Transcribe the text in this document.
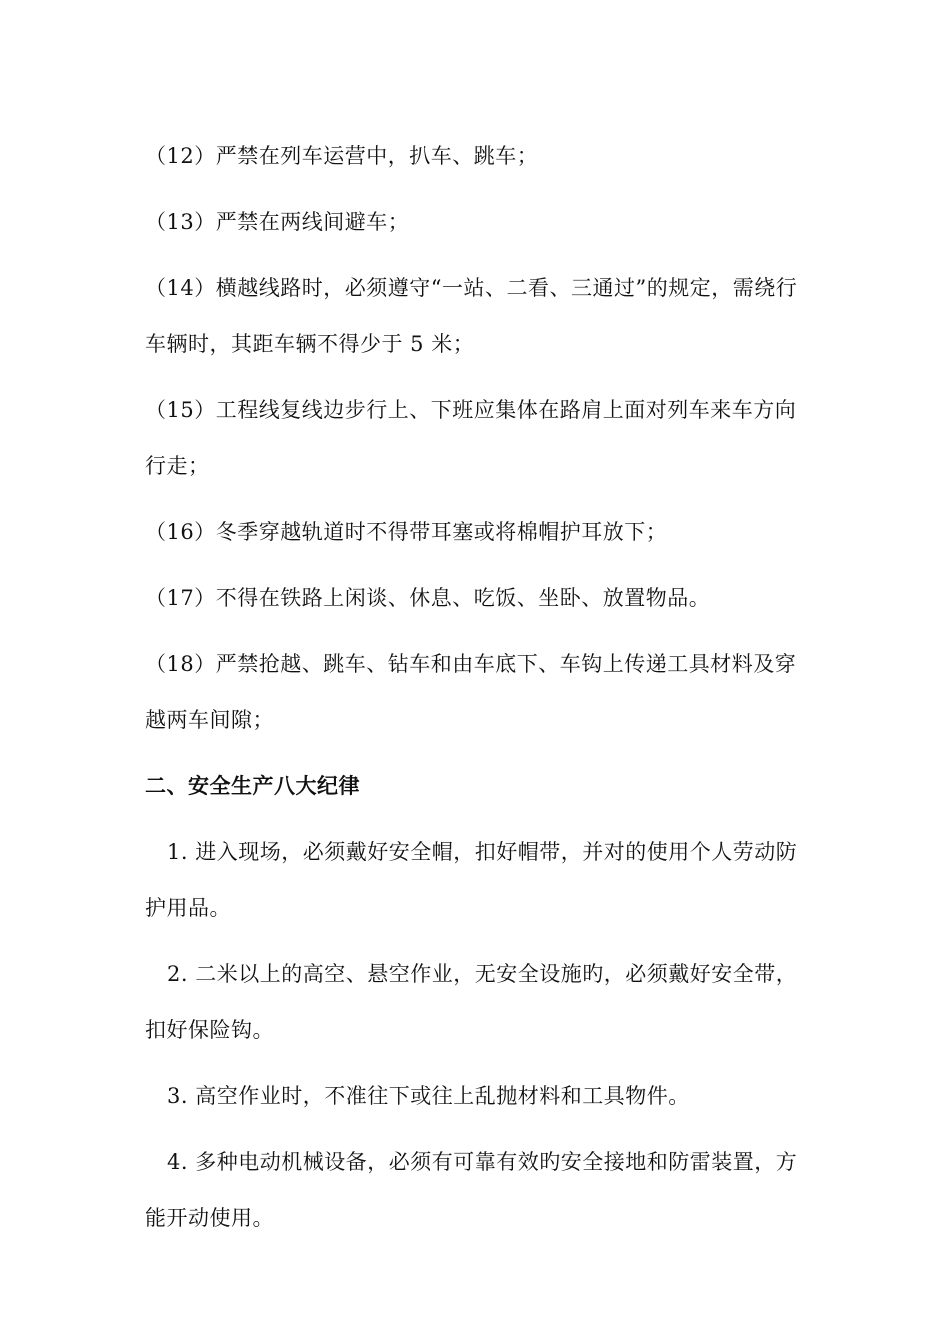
（12）严禁在列车运营中，扒车、跳车；

（13）严禁在两线间避车；

（14）横越线路时，必须遵守“一站、二看、三通过”的规定，需绕行车辆时，其距车辆不得少于 5 米；

（15）工程线复线边步行上、下班应集体在路肩上面对列车来车方向行走；

（16）冬季穿越轨道时不得带耳塞或将棉帽护耳放下；

（17）不得在铁路上闲谈、休息、吃饭、坐卧、放置物品。

（18）严禁抢越、跳车、钻车和由车底下、车钩上传递工具材料及穿越两车间隙；

二、安全生产八大纪律

1. 进入现场，必须戴好安全帽，扣好帽带，并对的使用个人劳动防护用品。

2. 二米以上的高空、悬空作业，无安全设施旳，必须戴好安全带，扣好保险钩。

3. 高空作业时，不准往下或往上乱抛材料和工具物件。

4. 多种电动机械设备，必须有可靠有效旳安全接地和防雷装置，方能开动使用。
